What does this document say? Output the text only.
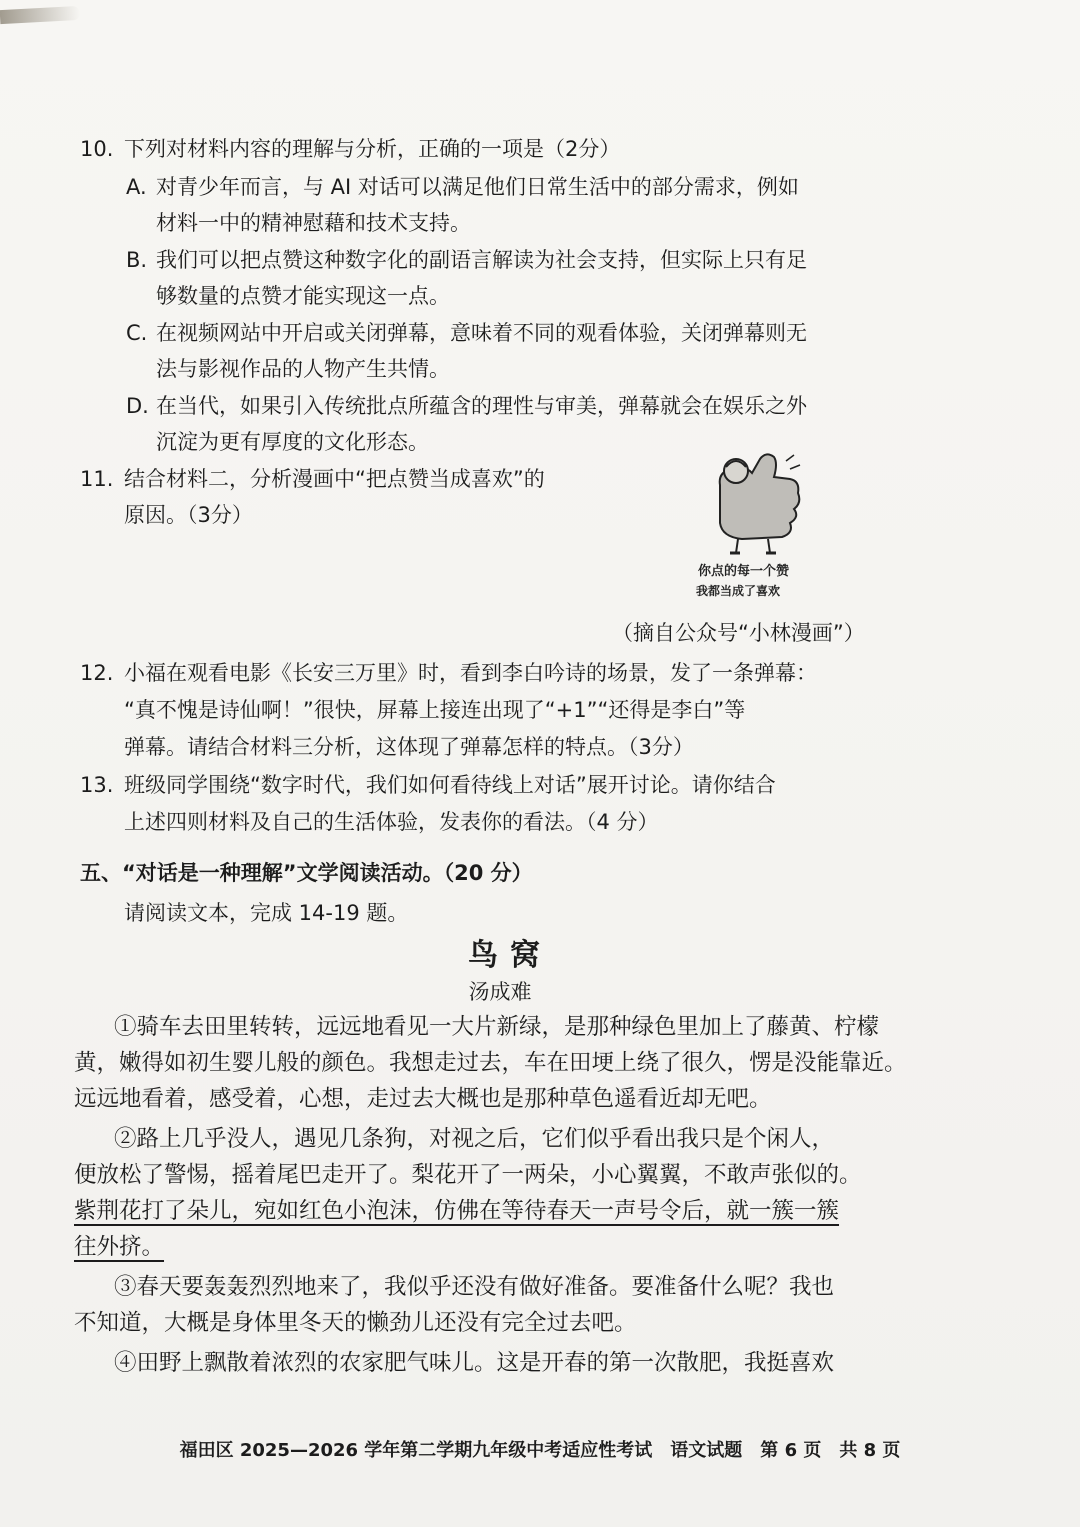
10. 下列对材料内容的理解与分析，正确的一项是（2分）
A. 对青少年而言，与 AI 对话可以满足他们日常生活中的部分需求，例如
材料一中的精神慰藉和技术支持。
B. 我们可以把点赞这种数字化的副语言解读为社会支持，但实际上只有足
够数量的点赞才能实现这一点。
C. 在视频网站中开启或关闭弹幕，意味着不同的观看体验，关闭弹幕则无
法与影视作品的人物产生共情。
D. 在当代，如果引入传统批点所蕴含的理性与审美，弹幕就会在娱乐之外
沉淀为更有厚度的文化形态。
11. 结合材料二，分析漫画中“把点赞当成喜欢”的
原因。（3分）
你点的每一个赞
我都当成了喜欢
（摘自公众号“小林漫画”）
12. 小福在观看电影《长安三万里》时，看到李白吟诗的场景，发了一条弹幕：
“真不愧是诗仙啊！”很快，屏幕上接连出现了“+1”“还得是李白”等
弹幕。请结合材料三分析，这体现了弹幕怎样的特点。（3分）
13. 班级同学围绕“数字时代，我们如何看待线上对话”展开讨论。请你结合
上述四则材料及自己的生活体验，发表你的看法。（4 分）
五、“对话是一种理解”文学阅读活动。（20 分）
请阅读文本，完成 14-19 题。
鸟窝
汤成难
①骑车去田里转转，远远地看见一大片新绿，是那种绿色里加上了藤黄、柠檬
黄，嫩得如初生婴儿般的颜色。我想走过去，车在田埂上绕了很久，愣是没能靠近。
远远地看着，感受着，心想，走过去大概也是那种草色遥看近却无吧。
②路上几乎没人，遇见几条狗，对视之后，它们似乎看出我只是个闲人，
便放松了警惕，摇着尾巴走开了。梨花开了一两朵，小心翼翼，不敢声张似的。
紫荆花打了朵儿，宛如红色小泡沫，仿佛在等待春天一声号令后，就一簇一簇
往外挤。
③春天要轰轰烈烈地来了，我似乎还没有做好准备。要准备什么呢？我也
不知道，大概是身体里冬天的懒劲儿还没有完全过去吧。
④田野上飘散着浓烈的农家肥气味儿。这是开春的第一次散肥，我挺喜欢
福田区 2025—2026 学年第二学期九年级中考适应性考试　语文试题　第 6 页　共 8 页
